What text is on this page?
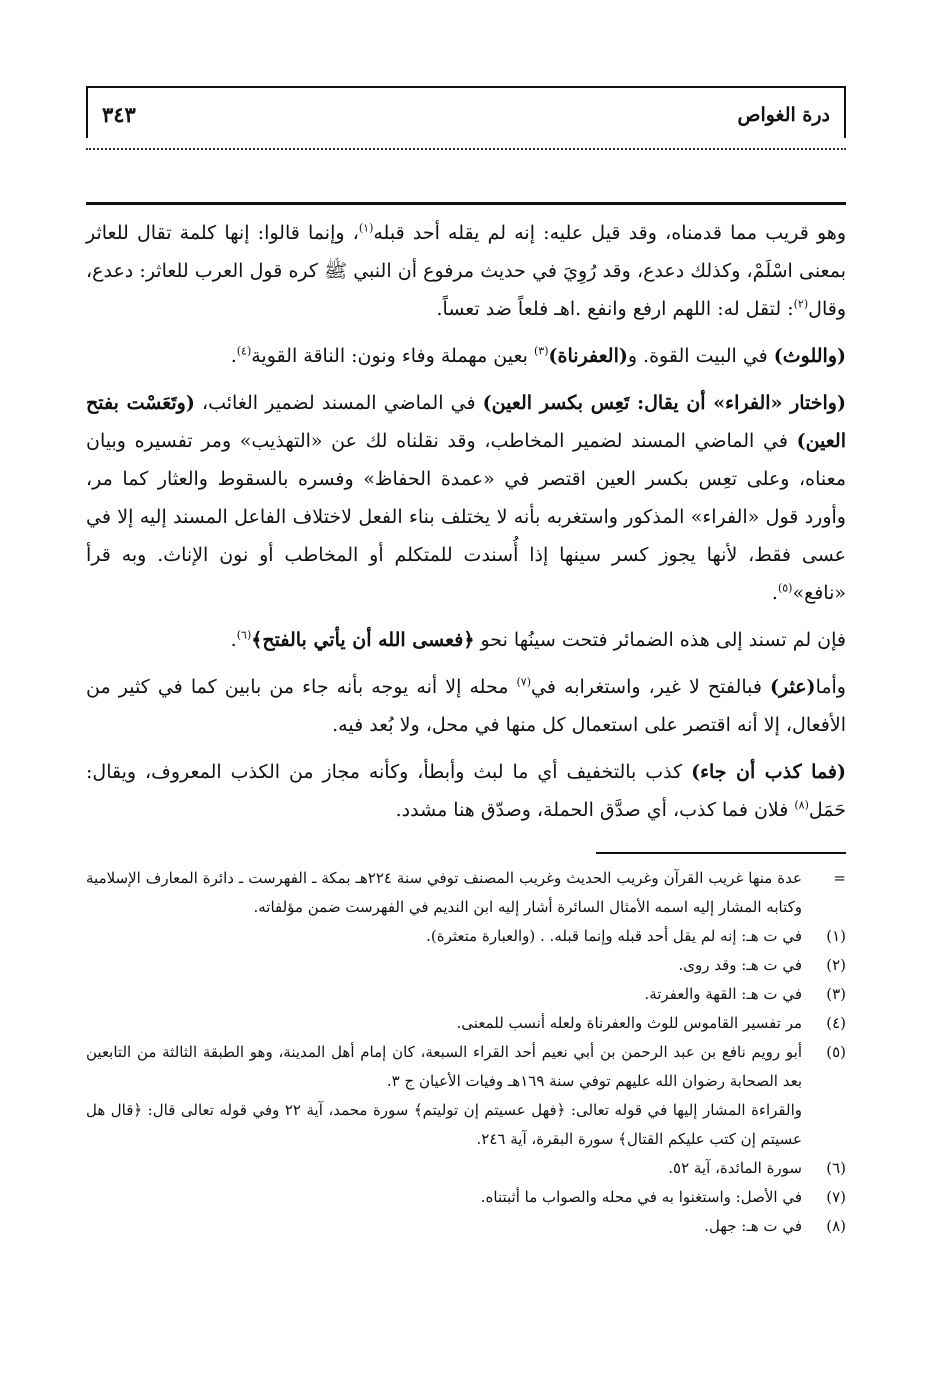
درة الغواص
٣٤٣

وهو قريب مما قدمناه، وقد قيل عليه: إنه لم يقله أحد قبله$^{(١)}$، وإنما قالوا: إنها كلمة تقال للعاثر بمعنى اسْلَمْ، وكذلك دعدع، وقد رُوِيَ في حديث مرفوع أن النبي ﷺ كره قول العرب للعاثر: دعدع، وقال$^{(٢)}$: لتقل له: اللهم ارفع وانفع .اهـ فلعاً ضد تعساً.

(واللوث) في البيت القوة. و(العفرناة)$^{(٣)}$ بعين مهملة وفاء ونون: الناقة القوية$^{(٤)}$.

(واختار «الفراء» أن يقال: تَعِس بكسر العين) في الماضي المسند لضمير الغائب، (وتَعَسْت بفتح العين) في الماضي المسند لضمير المخاطب، وقد نقلناه لك عن «التهذيب» ومر تفسيره وبيان معناه، وعلى تعِس بكسر العين اقتصر في «عمدة الحفاظ» وفسره بالسقوط والعثار كما مر، وأورد قول «الفراء» المذكور واستغربه بأنه لا يختلف بناء الفعل لاختلاف الفاعل المسند إليه إلا في عسى فقط، لأنها يجوز كسر سينها إذا أُسندت للمتكلم أو المخاطب أو نون الإناث. وبه قرأ «نافع»$^{(٥)}$.

فإن لم تسند إلى هذه الضمائر فتحت سينُها نحو ﴿فعسى الله أن يأتي بالفتح﴾$^{(٦)}$.

وأما(عثر) فبالفتح لا غير، واستغرابه في$^{(٧)}$ محله إلا أنه يوجه بأنه جاء من بابين كما في كثير من الأفعال، إلا أنه اقتصر على استعمال كل منها في محل، ولا بُعد فيه.

(فما كذب أن جاء) كذب بالتخفيف أي ما لبث وأبطأ، وكأنه مجاز من الكذب المعروف، ويقال: حَمَل$^{(٨)}$ فلان فما كذب، أي صدَّق الحملة، وصدّق هنا مشدد.

=
عدة منها غريب القرآن وغريب الحديث وغريب المصنف توفي سنة ٢٢٤هـ بمكة ـ الفهرست ـ دائرة المعارف الإسلامية وكتابه المشار إليه اسمه الأمثال السائرة أشار إليه ابن النديم في الفهرست ضمن مؤلفاته.
(١)
في ت هـ: إنه لم يقل أحد قبله وإنما قبله. . (والعبارة متعثرة).
(٢)
في ت هـ: وقد روى.
(٣)
في ت هـ: القهة والعفرتة.
(٤)
مر تفسير القاموس للوث والعفرناة ولعله أنسب للمعنى.
(٥)
أبو رويم نافع بن عبد الرحمن بن أبي نعيم أحد القراء السبعة، كان إمام أهل المدينة، وهو الطبقة الثالثة من التابعين بعد الصحابة رضوان الله عليهم توفي سنة ١٦٩هـ وفيات الأعيان ج ٣.
والقراءة المشار إليها في قوله تعالى: ﴿فهل عسيتم إن توليتم﴾ سورة محمد، آية ٢٢ وفي قوله تعالى قال: ﴿قال هل عسيتم إن كتب عليكم القتال﴾ سورة البقرة، آية ٢٤٦.
(٦)
سورة المائدة، آية ٥٢.
(٧)
في الأصل: واستغنوا به في محله والصواب ما أثبتناه.
(٨)
في ت هـ: جهل.
